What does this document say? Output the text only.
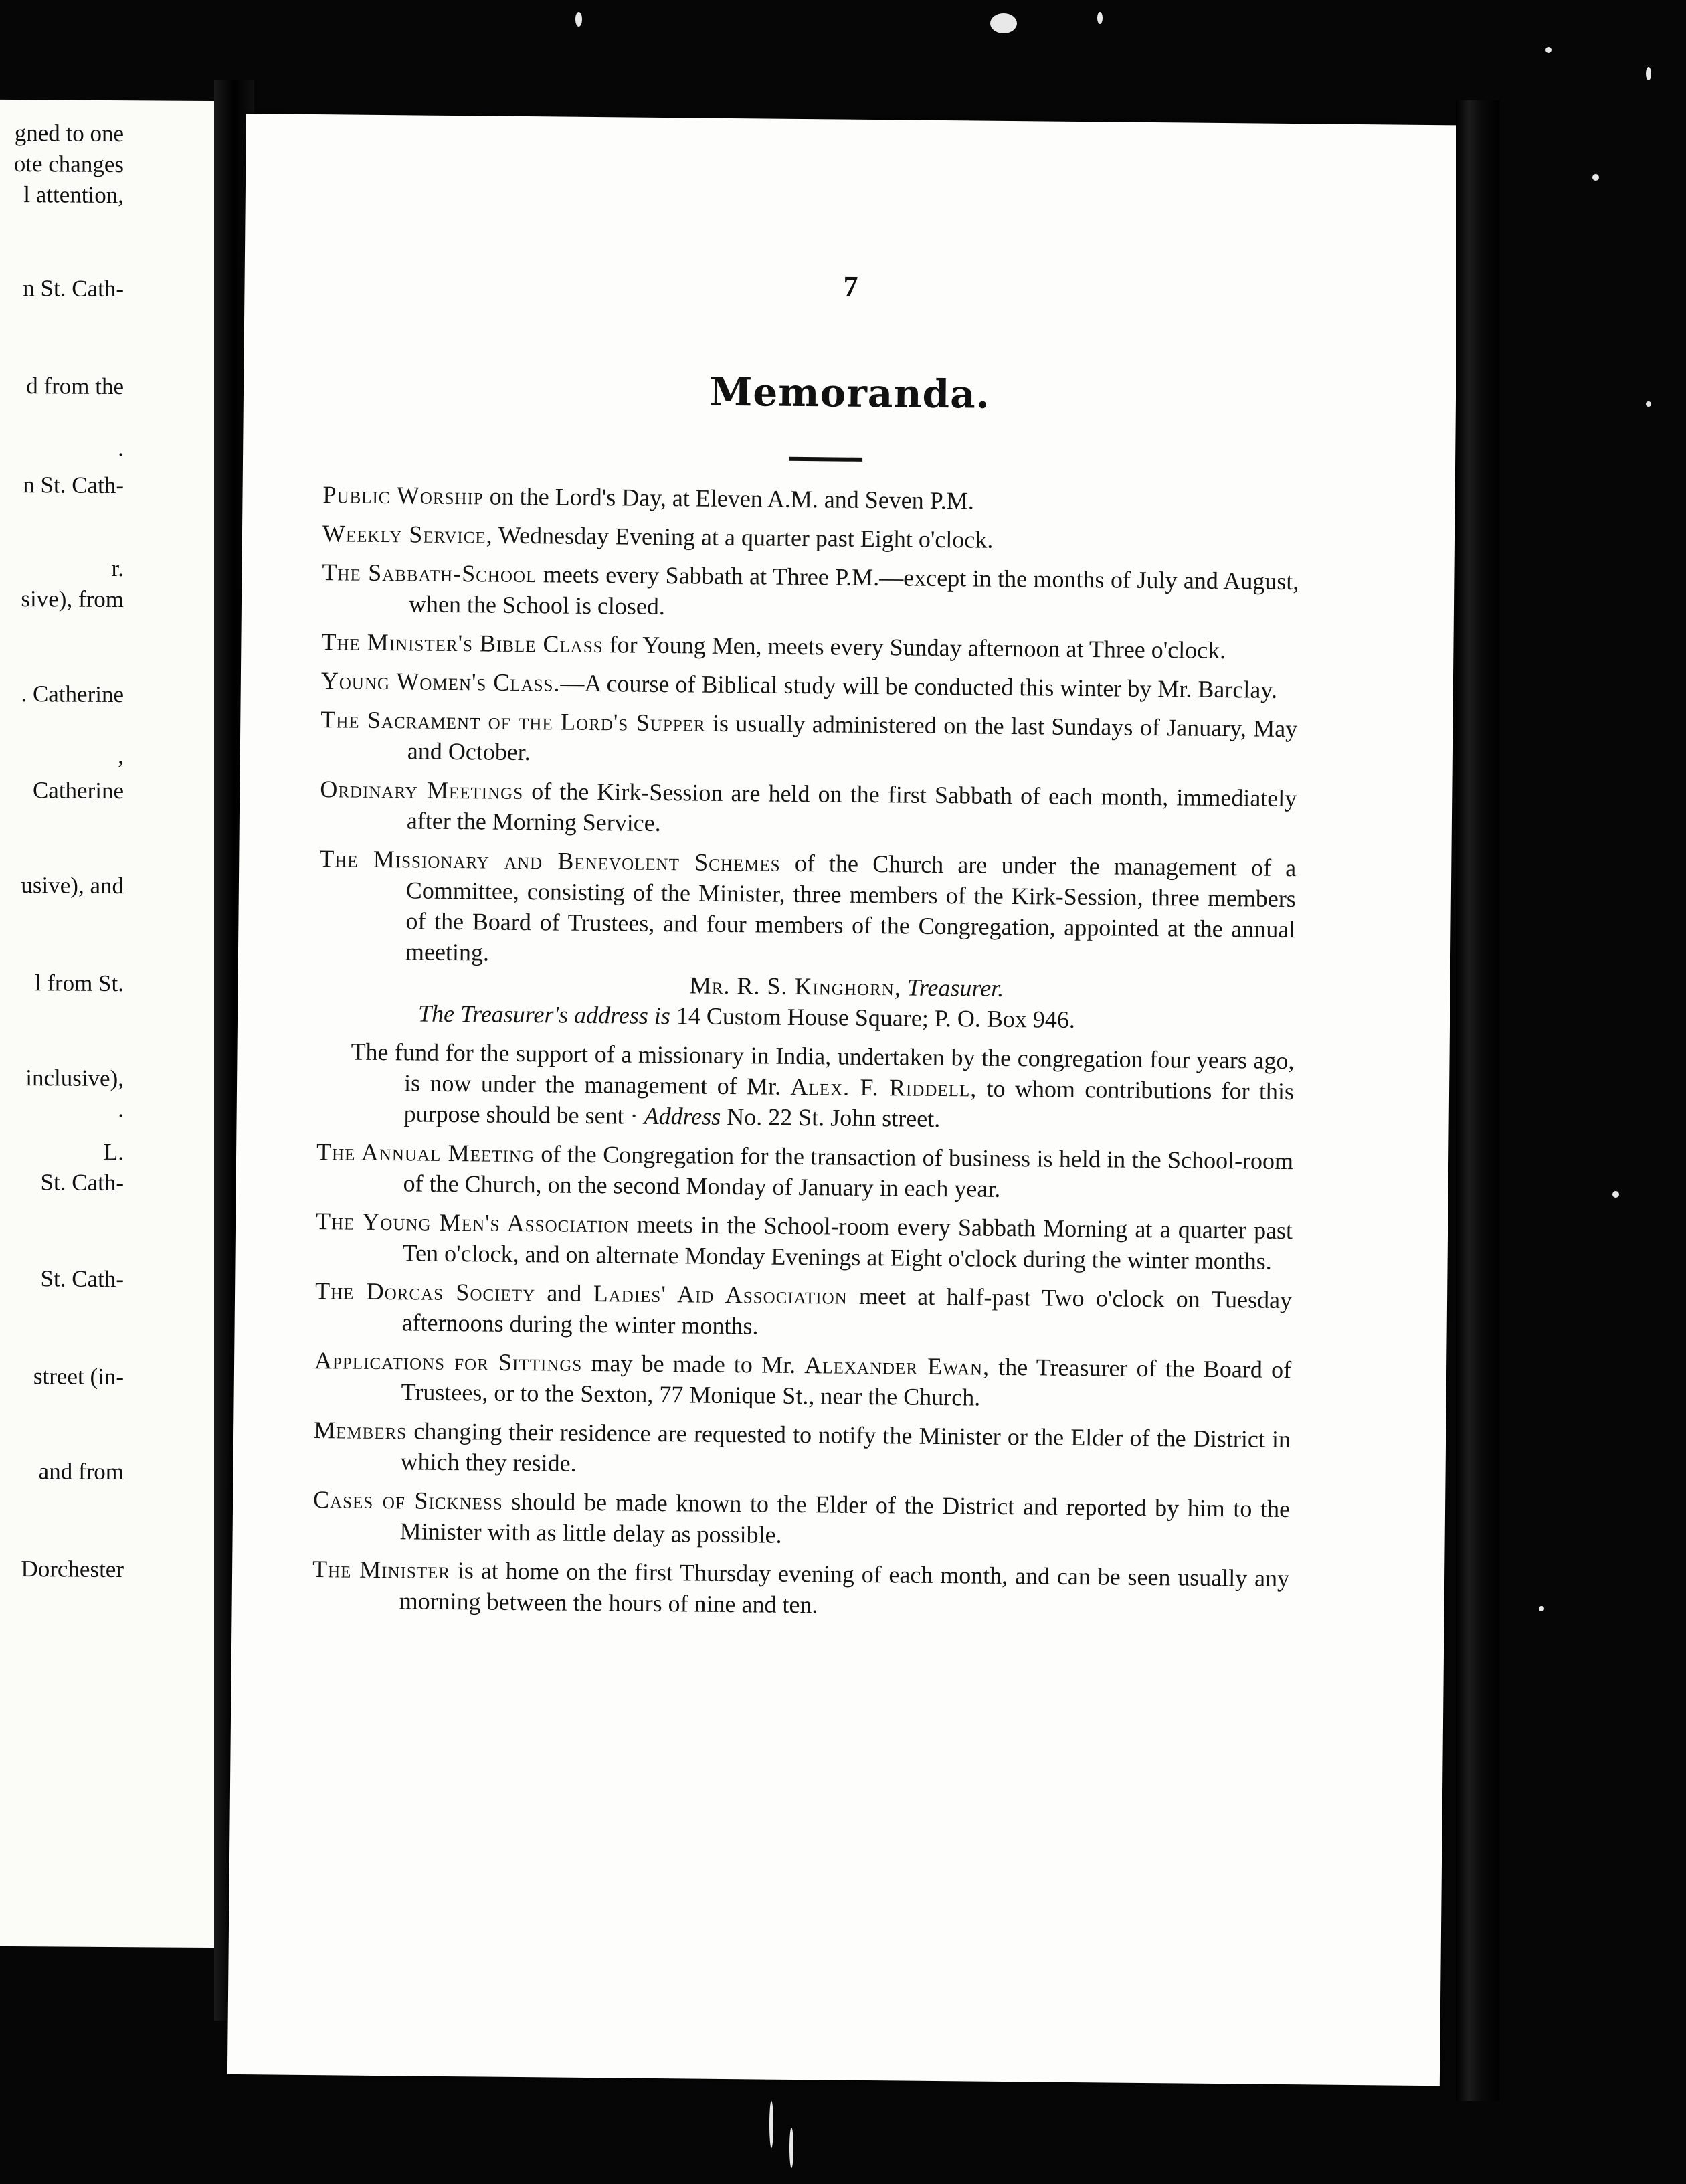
gned to one
ote changes
l attention,
n St. Cath-
d from the
.
n St. Cath-
r.
sive), from
. Catherine
,
Catherine
usive), and
l from St.
inclusive),
.
L.
St. Cath-
St. Cath-
street (in-
and from
Dorchester
7
Memoranda.
Public Worship on the Lord's Day, at Eleven A.M. and Seven P.M.
Weekly Service, Wednesday Evening at a quarter past Eight o'clock.
The Sabbath-School meets every Sabbath at Three P.M.—except in the months of July and August, when the School is closed.
The Minister's Bible Class for Young Men, meets every Sunday afternoon at Three o'clock.
Young Women's Class.—A course of Biblical study will be conducted this winter by Mr. Barclay.
The Sacrament of the Lord's Supper is usually administered on the last Sundays of January, May and October.
Ordinary Meetings of the Kirk-Session are held on the first Sabbath of each month, immediately after the Morning Service.
The Missionary and Benevolent Schemes of the Church are under the management of a Committee, consisting of the Minister, three members of the Kirk-Session, three members of the Board of Trustees, and four members of the Congregation, appointed at the annual meeting.
Mr. R. S. Kinghorn, Treasurer.
The Treasurer's address is 14 Custom House Square; P. O. Box 946.
The fund for the support of a missionary in India, undertaken by the congregation four years ago, is now under the management of Mr. Alex. F. Riddell, to whom contributions for this purpose should be sent · Address No. 22 St. John street.
The Annual Meeting of the Congregation for the transaction of business is held in the School-room of the Church, on the second Monday of January in each year.
The Young Men's Association meets in the School-room every Sabbath Morning at a quarter past Ten o'clock, and on alternate Monday Evenings at Eight o'clock during the winter months.
The Dorcas Society and Ladies' Aid Association meet at half-past Two o'clock on Tuesday afternoons during the winter months.
Applications for Sittings may be made to Mr. Alexander Ewan, the Treasurer of the Board of Trustees, or to the Sexton, 77 Monique St., near the Church.
Members changing their residence are requested to notify the Minister or the Elder of the District in which they reside.
Cases of Sickness should be made known to the Elder of the District and reported by him to the Minister with as little delay as possible.
The Minister is at home on the first Thursday evening of each month, and can be seen usually any morning between the hours of nine and ten.
